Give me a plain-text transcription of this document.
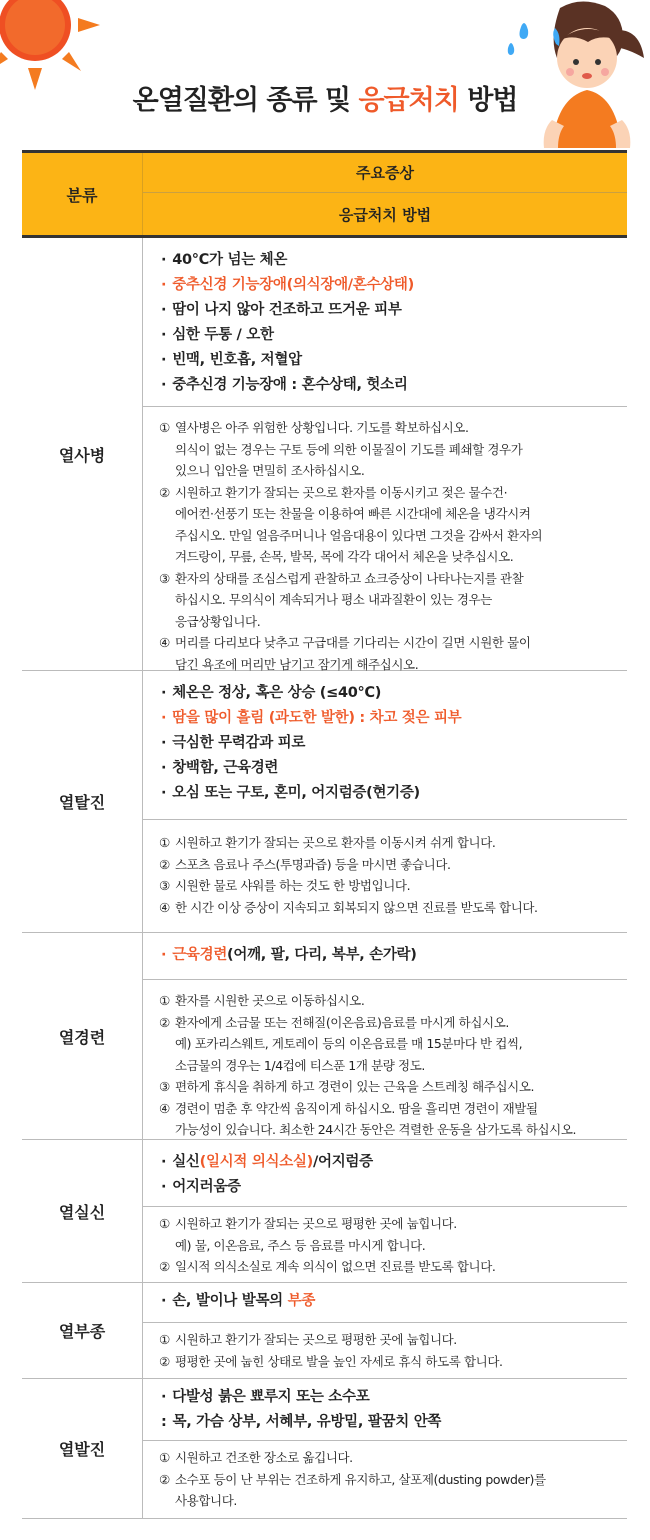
온열질환의 종류 및 응급처치 방법
분류
주요증상
응급처치 방법
열사병
· 40℃가 넘는 체온
· 중추신경 기능장애(의식장애/혼수상태)
· 땀이 나지 않아 건조하고 뜨거운 피부
· 심한 두통 / 오한
· 빈맥, 빈호흡, 저혈압
· 중추신경 기능장애 : 혼수상태, 헛소리
① 열사병은 아주 위험한 상황입니다. 기도를 확보하십시오.
의식이 없는 경우는 구토 등에 의한 이물질이 기도를 폐쇄할 경우가
있으니 입안을 면밀히 조사하십시오.
② 시원하고 환기가 잘되는 곳으로 환자를 이동시키고 젖은 물수건·
에어컨·선풍기 또는 찬물을 이용하여 빠른 시간대에 체온을 냉각시켜
주십시오. 만일 얼음주머니나 얼음대용이 있다면 그것을 감싸서 환자의
겨드랑이, 무릎, 손목, 발목, 목에 각각 대어서 체온을 낮추십시오.
③ 환자의 상태를 조심스럽게 관찰하고 쇼크증상이 나타나는지를 관찰
하십시오. 무의식이 계속되거나 평소 내과질환이 있는 경우는
응급상황입니다.
④ 머리를 다리보다 낮추고 구급대를 기다리는 시간이 길면 시원한 물이
담긴 욕조에 머리만 남기고 잠기게 해주십시오.
열탈진
· 체온은 정상, 혹은 상승 (≤40℃)
· 땀을 많이 흘림 (과도한 발한) : 차고 젖은 피부
· 극심한 무력감과 피로
· 창백함, 근육경련
· 오심 또는 구토, 혼미, 어지럼증(현기증)
① 시원하고 환기가 잘되는 곳으로 환자를 이동시켜 쉬게 합니다.
② 스포츠 음료나 주스(투명과즙) 등을 마시면 좋습니다.
③ 시원한 물로 샤워를 하는 것도 한 방법입니다.
④ 한 시간 이상 증상이 지속되고 회복되지 않으면 진료를 받도록 합니다.
열경련
· 근육경련(어깨, 팔, 다리, 복부, 손가락)
① 환자를 시원한 곳으로 이동하십시오.
② 환자에게 소금물 또는 전해질(이온음료)음료를 마시게 하십시오.
예) 포카리스웨트, 게토레이 등의 이온음료를 매 15분마다 반 컵씩,
소금물의 경우는 1/4컵에 티스푼 1개 분량 정도.
③ 편하게 휴식을 취하게 하고 경련이 있는 근육을 스트레칭 해주십시오.
④ 경련이 멈춘 후 약간씩 움직이게 하십시오. 땀을 흘리면 경련이 재발될
가능성이 있습니다. 최소한 24시간 동안은 격렬한 운동을 삼가도록 하십시오.
열실신
· 실신(일시적 의식소실)/어지럼증
· 어지러움증
① 시원하고 환기가 잘되는 곳으로 평평한 곳에 눕힙니다.
예) 물, 이온음료, 주스 등 음료를 마시게 합니다.
② 일시적 의식소실로 계속 의식이 없으면 진료를 받도록 합니다.
열부종
· 손, 발이나 발목의 부종
① 시원하고 환기가 잘되는 곳으로 평평한 곳에 눕힙니다.
② 평평한 곳에 눕힌 상태로 발을 높인 자세로 휴식 하도록 합니다.
열발진
· 다발성 붉은 뾰루지 또는 소수포
: 목, 가슴 상부, 서혜부, 유방밑, 팔꿈치 안쪽
① 시원하고 건조한 장소로 옮깁니다.
② 소수포 등이 난 부위는 건조하게 유지하고, 살포제(dusting powder)를
사용합니다.
